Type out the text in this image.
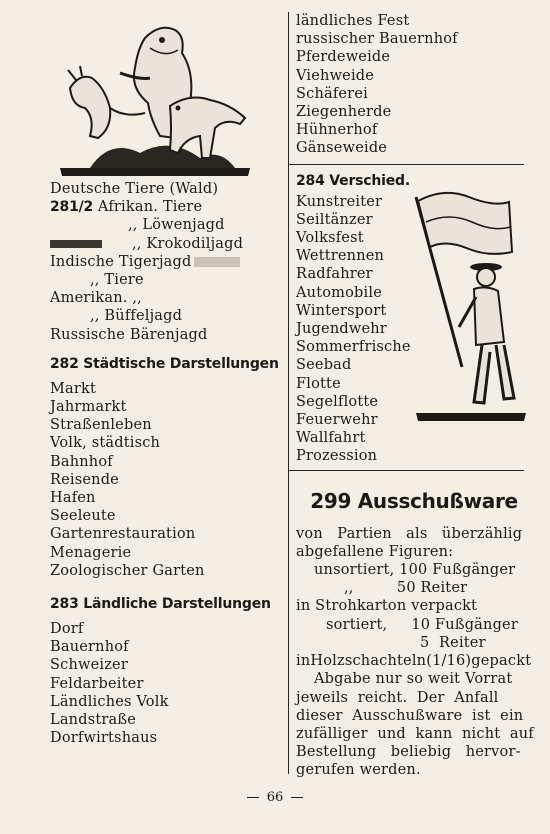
Deutsche Tiere (Wald)
281/2 Afrikan. Tiere
,, Löwenjagd
,, Krokodiljagd
Indische Tigerjagd
,, Tiere
Amerikan. ,,
,, Büffeljagd
Russische Bärenjagd
282 Städtische Darstellungen
Markt
Jahrmarkt
Straßenleben
Volk, städtisch
Bahnhof
Reisende
Hafen
Seeleute
Gartenrestauration
Menagerie
Zoologischer Garten
283 Ländliche Darstellungen
Dorf
Bauernhof
Schweizer
Feldarbeiter
Ländliches Volk
Landstraße
Dorfwirtshaus
ländliches Fest
russischer Bauernhof
Pferdeweide
Viehweide
Schäferei
Ziegenherde
Hühnerhof
Gänseweide
284 Verschied.
Kunstreiter
Seiltänzer
Volksfest
Wettrennen
Radfahrer
Automobile
Wintersport
Jugendwehr
Sommerfrische
Seebad
Flotte
Segelflotte
Feuerwehr
Wallfahrt
Prozession
299 Ausschußware
von   Partien   als   überzählig
abgefallene Figuren:
unsortiert, 100 Fußgänger
,,         50 Reiter
in Strohkarton verpackt
sortiert,     10 Fußgänger
5  Reiter
inHolzschachteln(1/16)gepackt
Abgabe nur so weit Vorrat
jeweils  reicht.  Der  Anfall
dieser  Ausschußware  ist  ein
zufälliger  und  kann  nicht  auf
Bestellung   beliebig   hervor-
gerufen werden.
66
